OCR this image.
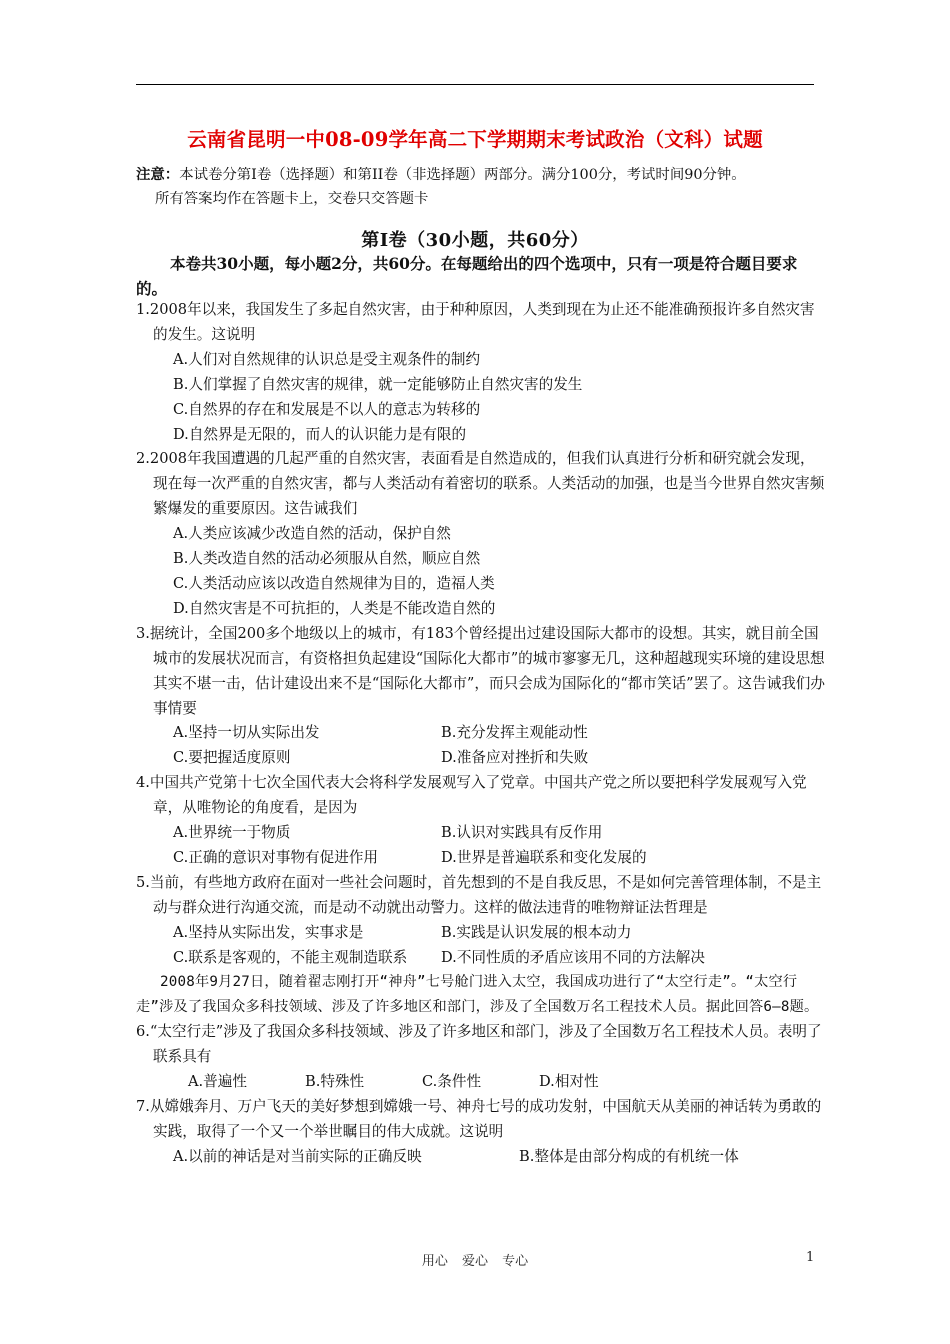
云南省昆明一中08-09学年高二下学期期末考试政治（文科）试题
注意：本试卷分第I卷（选择题）和第II卷（非选择题）两部分。满分100分，考试时间90分钟。
所有答案均作在答题卡上，交卷只交答题卡
第I卷（30小题，共60分）
本卷共30小题，每小题2分，共60分。在每题给出的四个选项中，只有一项是符合题目要求的。
1.2008年以来，我国发生了多起自然灾害，由于种种原因，人类到现在为止还不能准确预报许多自然灾害的发生。这说明
A.人们对自然规律的认识总是受主观条件的制约
B.人们掌握了自然灾害的规律，就一定能够防止自然灾害的发生
C.自然界的存在和发展是不以人的意志为转移的
D.自然界是无限的，而人的认识能力是有限的
2.2008年我国遭遇的几起严重的自然灾害，表面看是自然造成的，但我们认真进行分析和研究就会发现，现在每一次严重的自然灾害，都与人类活动有着密切的联系。人类活动的加强，也是当今世界自然灾害频繁爆发的重要原因。这告诫我们
A.人类应该减少改造自然的活动，保护自然
B.人类改造自然的活动必须服从自然，顺应自然
C.人类活动应该以改造自然规律为目的，造福人类
D.自然灾害是不可抗拒的，人类是不能改造自然的
3.据统计，全国200多个地级以上的城市，有183个曾经提出过建设国际大都市的设想。其实，就目前全国城市的发展状况而言，有资格担负起建设“国际化大都市”的城市寥寥无几，这种超越现实环境的建设思想其实不堪一击，估计建设出来不是“国际化大都市”，而只会成为国际化的“都市笑话”罢了。这告诫我们办事情要
A.坚持一切从实际出发	B.充分发挥主观能动性
C.要把握适度原则	D.准备应对挫折和失败
4.中国共产党第十七次全国代表大会将科学发展观写入了党章。中国共产党之所以要把科学发展观写入党章，从唯物论的角度看，是因为
A.世界统一于物质	B.认识对实践具有反作用
C.正确的意识对事物有促进作用	D.世界是普遍联系和变化发展的
5.当前，有些地方政府在面对一些社会问题时，首先想到的不是自我反思，不是如何完善管理体制，不是主动与群众进行沟通交流，而是动不动就出动警力。这样的做法违背的唯物辩证法哲理是
A.坚持从实际出发，实事求是	B.实践是认识发展的根本动力
C.联系是客观的，不能主观制造联系	D.不同性质的矛盾应该用不同的方法解决
2008年9月27日，随着翟志刚打开“神舟”七号舱门进入太空，我国成功进行了“太空行走”。“太空行走”涉及了我国众多科技领域、涉及了许多地区和部门，涉及了全国数万名工程技术人员。据此回答6—8题。
6.“太空行走”涉及了我国众多科技领域、涉及了许多地区和部门，涉及了全国数万名工程技术人员。表明了联系具有
A.普遍性	B.特殊性	C.条件性	D.相对性
7.从嫦娥奔月、万户飞天的美好梦想到嫦娥一号、神舟七号的成功发射，中国航天从美丽的神话转为勇敢的实践，取得了一个又一个举世瞩目的伟大成就。这说明
A.以前的神话是对当前实际的正确反映	B.整体是由部分构成的有机统一体
用心 爱心 专心	1
